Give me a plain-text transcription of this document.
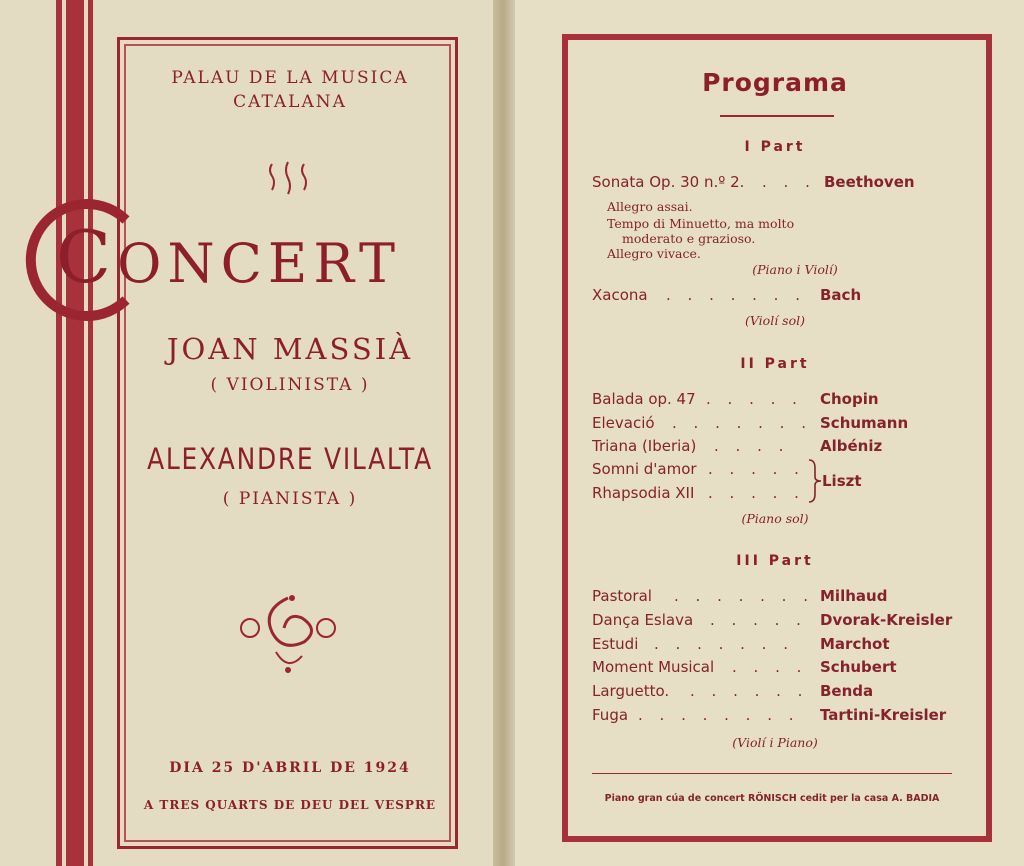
PALAU DE LA MUSICA
CATALANA
CONCERT
JOAN MASSIÀ
( VIOLINISTA )
ALEXANDRE VILALTA
( PIANISTA )
DIA 25 D'ABRIL DE 1924
A TRES QUARTS DE DEU DEL VESPRE
Programa
I Part
Sonata Op. 30 n.º 2. . . . Beethoven
Allegro assai.
Tempo di Minuetto, ma molto
moderato e grazioso.
Allegro vivace.
(Piano i Violí)
Xacona . . . . . . . Bach
(Violí sol)
II Part
Balada op. 47 . . . . . Chopin
Elevació . . . . . . . Schumann
Triana (Iberia) . . . . Albéniz
Somni d'amor . . . . .
Rhapsodia XII . . . . .
Liszt
(Piano sol)
III Part
Pastoral . . . . . . . Milhaud
Dança Eslava . . . . . Dvorak-Kreisler
Estudi . . . . . . . Marchot
Moment Musical . . . . Schubert
Larguetto. . . . . . . Benda
Fuga . . . . . . . . Tartini-Kreisler
(Violí i Piano)
Piano gran cúa de concert RÖNISCH cedit per la casa A. BADIA
